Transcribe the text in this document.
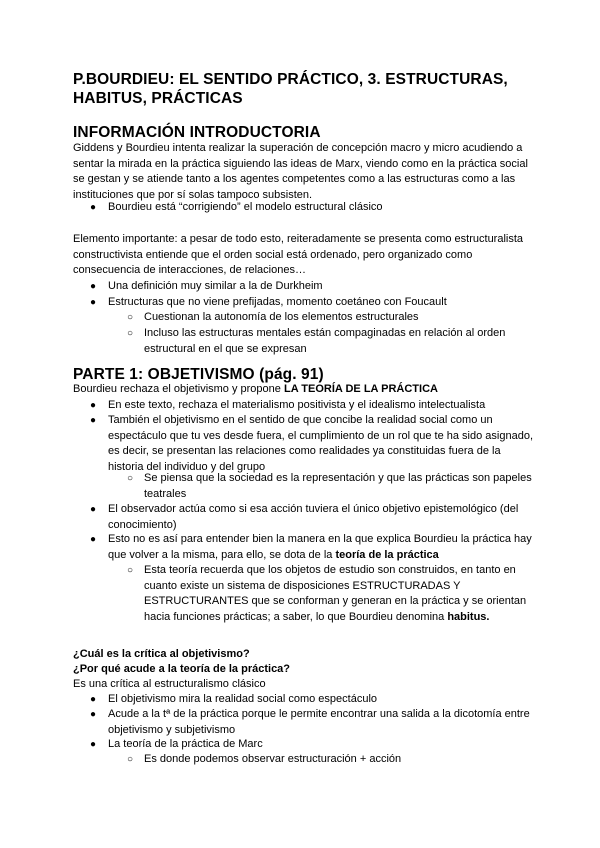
P.BOURDIEU: EL SENTIDO PRÁCTICO, 3. ESTRUCTURAS, HABITUS, PRÁCTICAS
INFORMACIÓN INTRODUCTORIA
Giddens y Bourdieu intenta realizar la superación de concepción macro y micro acudiendo a sentar la mirada en la práctica siguiendo las ideas de Marx, viendo como en la práctica social se gestan y se atiende tanto a los agentes competentes como a las estructuras como a las instituciones que por sí solas tampoco subsisten.
● Bourdieu está “corrigiendo” el modelo estructural clásico
Elemento importante: a pesar de todo esto, reiteradamente se presenta como estructuralista constructivista entiende que el orden social está ordenado, pero organizado como consecuencia de interacciones, de relaciones…
● Una definición muy similar a la de Durkheim
● Estructuras que no viene prefijadas, momento coetáneo con Foucault
○ Cuestionan la autonomía de los elementos estructurales
○ Incluso las estructuras mentales están compaginadas en relación al orden estructural en el que se expresan
PARTE 1: OBJETIVISMO (pág. 91)
Bourdieu rechaza el objetivismo y propone LA TEORÍA DE LA PRÁCTICA
● En este texto, rechaza el materialismo positivista y el idealismo intelectualista
● También el objetivismo en el sentido de que concibe la realidad social como un espectáculo que tu ves desde fuera, el cumplimiento de un rol que te ha sido asignado, es decir, se presentan las relaciones como realidades ya constituidas fuera de la historia del individuo y del grupo
○ Se piensa que la sociedad es la representación y que las prácticas son papeles teatrales
● El observador actúa como si esa acción tuviera el único objetivo epistemológico (del conocimiento)
● Esto no es así para entender bien la manera en la que explica Bourdieu la práctica hay que volver a la misma, para ello, se dota de la teoría de la práctica
○ Esta teoría recuerda que los objetos de estudio son construidos, en tanto en cuanto existe un sistema de disposiciones ESTRUCTURADAS Y ESTRUCTURANTES que se conforman y generan en la práctica y se orientan hacia funciones prácticas; a saber, lo que Bourdieu denomina habitus.
¿Cuál es la crítica al objetivismo?
¿Por qué acude a la teoría de la práctica?
Es una crítica al estructuralismo clásico
● El objetivismo mira la realidad social como espectáculo
● Acude a la tª de la práctica porque le permite encontrar una salida a la dicotomía entre objetivismo y subjetivismo
● La teoría de la práctica de Marc
○ Es donde podemos observar estructuración + acción
